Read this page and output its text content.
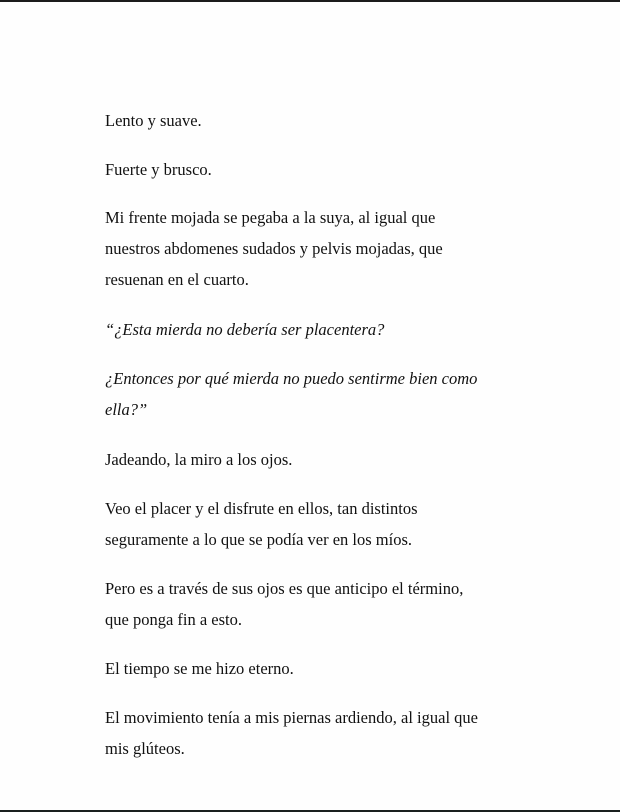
Lento y suave.
Fuerte y brusco.
Mi frente mojada se pegaba a la suya, al igual que
nuestros abdomenes sudados y pelvis mojadas, que
resuenan en el cuarto.
“¿Esta mierda no debería ser placentera?
¿Entonces por qué mierda no puedo sentirme bien como
ella?”
Jadeando, la miro a los ojos.
Veo el placer y el disfrute en ellos, tan distintos
seguramente a lo que se podía ver en los míos.
Pero es a través de sus ojos es que anticipo el término,
que ponga fin a esto.
El tiempo se me hizo eterno.
El movimiento tenía a mis piernas ardiendo, al igual que
mis glúteos.
